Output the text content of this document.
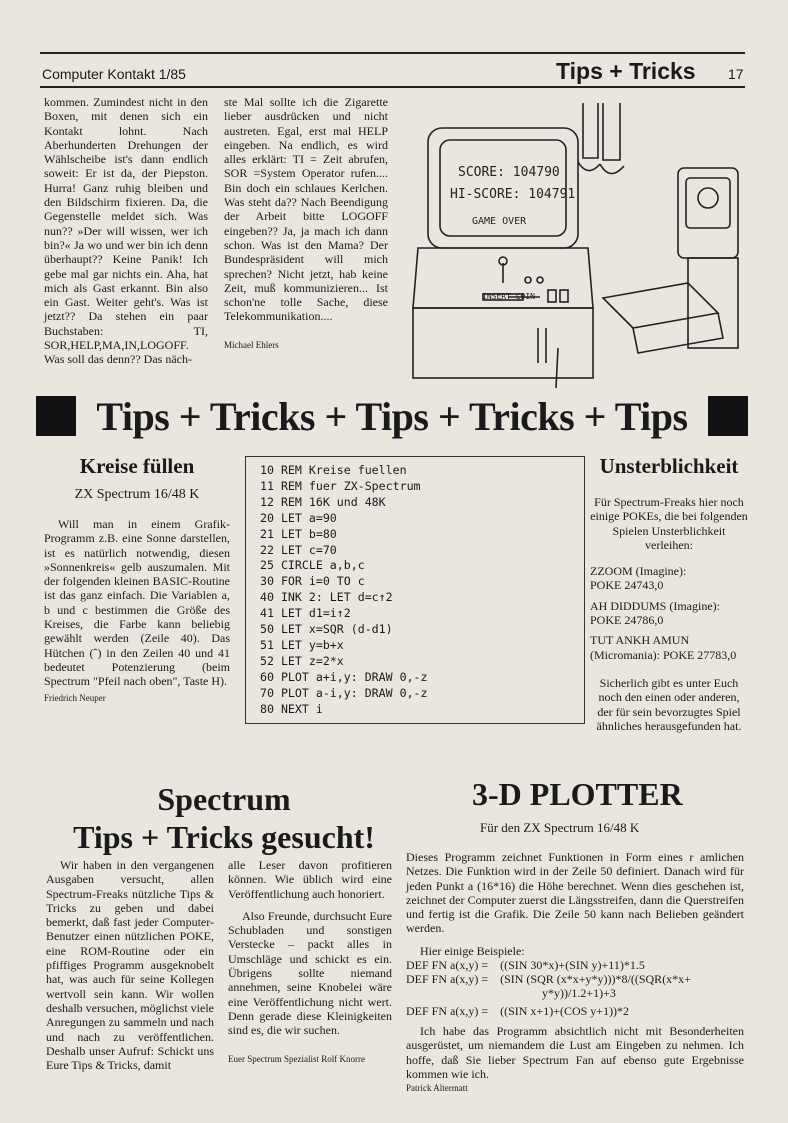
Computer Kontakt 1/85	Tips + Tricks 17

kommen. Zumindest nicht in den Boxen, mit denen sich ein Kontakt lohnt. Nach Aberhunderten Drehungen der Wählscheibe ist's dann endlich soweit: Er ist da, der Piepston. Hurra! Ganz ruhig bleiben und den Bildschirm fixieren. Da, die Gegenstelle meldet sich. Was nun?? »Der will wissen, wer ich bin?« Ja wo und wer bin ich denn überhaupt?? Keine Panik! Ich gebe mal gar nichts ein. Aha, hat mich als Gast erkannt. Bin also ein Gast. Weiter geht's. Was ist jetzt?? Da stehen ein paar Buchstaben: TI, SOR,HELP,MA,IN,LOGOFF. Was soll das denn?? Das näch-

ste Mal sollte ich die Zigarette lieber ausdrücken und nicht austreten. Egal, erst mal HELP eingeben. Na endlich, es wird alles erklärt: TI = Zeit abrufen, SOR =System Operator rufen.... Bin doch ein schlaues Kerlchen. Was steht da?? Nach Beendigung der Arbeit bitte LOGOFF eingeben?? Ja, ja mach ich dann schon. Was ist den Mama? Der Bundespräsident will mich sprechen? Nicht jetzt, hab keine Zeit, muß kommunizieren... Ist schon'ne tolle Sache, diese Telekommunikation....

Michael Ehlers

SCORE: 104790
HI-SCORE: 104791
GAME OVER
INSERT COIN
Tips + Tricks + Tips + Tricks + Tips
Kreise füllen
ZX Spectrum 16/48 K
Will man in einem Grafik-Programm z.B. eine Sonne darstellen, ist es natürlich notwendig, diesen »Sonnenkreis« gelb auszumalen. Mit der folgenden kleinen BASIC-Routine ist das ganz einfach. Die Variablen a, b und c bestimmen die Größe des Kreises, die Farbe kann beliebig gewählt werden (Zeile 40). Das Hütchen (ˆ) in den Zeilen 40 und 41 bedeutet Potenzierung (beim Spectrum "Pfeil nach oben", Taste H).
Friedrich Neuper
10 REM Kreise fuellen
11 REM fuer ZX-Spectrum
12 REM 16K und 48K
20 LET a=90
21 LET b=80
22 LET c=70
25 CIRCLE a,b,c
30 FOR i=0 TO c
40 INK 2: LET d=c↑2
41 LET d1=i↑2
50 LET x=SQR (d-d1)
51 LET y=b+x
52 LET z=2*x
60 PLOT a+i,y: DRAW 0,-z
70 PLOT a-i,y: DRAW 0,-z
80 NEXT i
Unsterblichkeit
Für Spectrum-Freaks hier noch einige POKEs, die bei folgenden Spielen Unsterblichkeit verleihen:
ZZOOM (Imagine):
POKE 24743,0
AH DIDDUMS (Imagine):
POKE 24786,0
TUT ANKH AMUN (Micromania): POKE 27783,0
Sicherlich gibt es unter Euch noch den einen oder anderen, der für sein bevorzugtes Spiel ähnliches herausgefunden hat.
Spectrum
Tips + Tricks gesucht!

Wir haben in den vergangenen Ausgaben versucht, allen Spectrum-Freaks nützliche Tips & Tricks zu geben und dabei bemerkt, daß fast jeder Computer-Benutzer einen nützlichen POKE, eine ROM-Routine oder ein pfiffiges Programm ausgeknobelt hat, was auch für seine Kollegen wertvoll sein kann. Wir wollen deshalb versuchen, möglichst viele Anregungen zu sammeln und nach und nach zu veröffentlichen. Deshalb unser Aufruf: Schickt uns Eure Tips & Tricks, damit

alle Leser davon profitieren können. Wie üblich wird eine Veröffentlichung auch honoriert.

Also Freunde, durchsucht Eure Schubladen und sonstigen Verstecke – packt alles in Umschläge und schickt es ein. Übrigens sollte niemand annehmen, seine Knobelei wäre eine Veröffentlichung nicht wert. Denn gerade diese Kleinigkeiten sind es, die wir suchen.

Euer Spectrum Spezialist Rolf Knorre

3-D PLOTTER
Für den ZX Spectrum 16/48 K

Dieses Programm zeichnet Funktionen in Form eines r amlichen Netzes. Die Funktion wird in der Zeile 50 definiert. Danach wird für jeden Punkt a (16*16) die Höhe berechnet. Wenn dies geschehen ist, zeichnet der Computer zuerst die Längsstreifen, dann die Querstreifen und fertig ist die Grafik. Die Zeile 50 kann nach Belieben geändert werden.

Hier einige Beispiele:

DEF FN a(x,y) =    ((SIN 30*x)+(SIN y)+11)*1.5
DEF FN a(x,y) =    (SIN (SQR (x*x+y*y)))*8/((SQR(x*x+
y*y))/1.2+1)+3
DEF FN a(x,y) =    ((SIN x+1)+(COS y+1))*2

Ich habe das Programm absichtlich nicht mit Besonderheiten ausgerüstet, um niemandem die Lust am Eingeben zu nehmen. Ich hoffe, daß Sie lieber Spectrum Fan auf ebenso gute Ergebnisse kommen wie ich.

Patrick Altermatt
